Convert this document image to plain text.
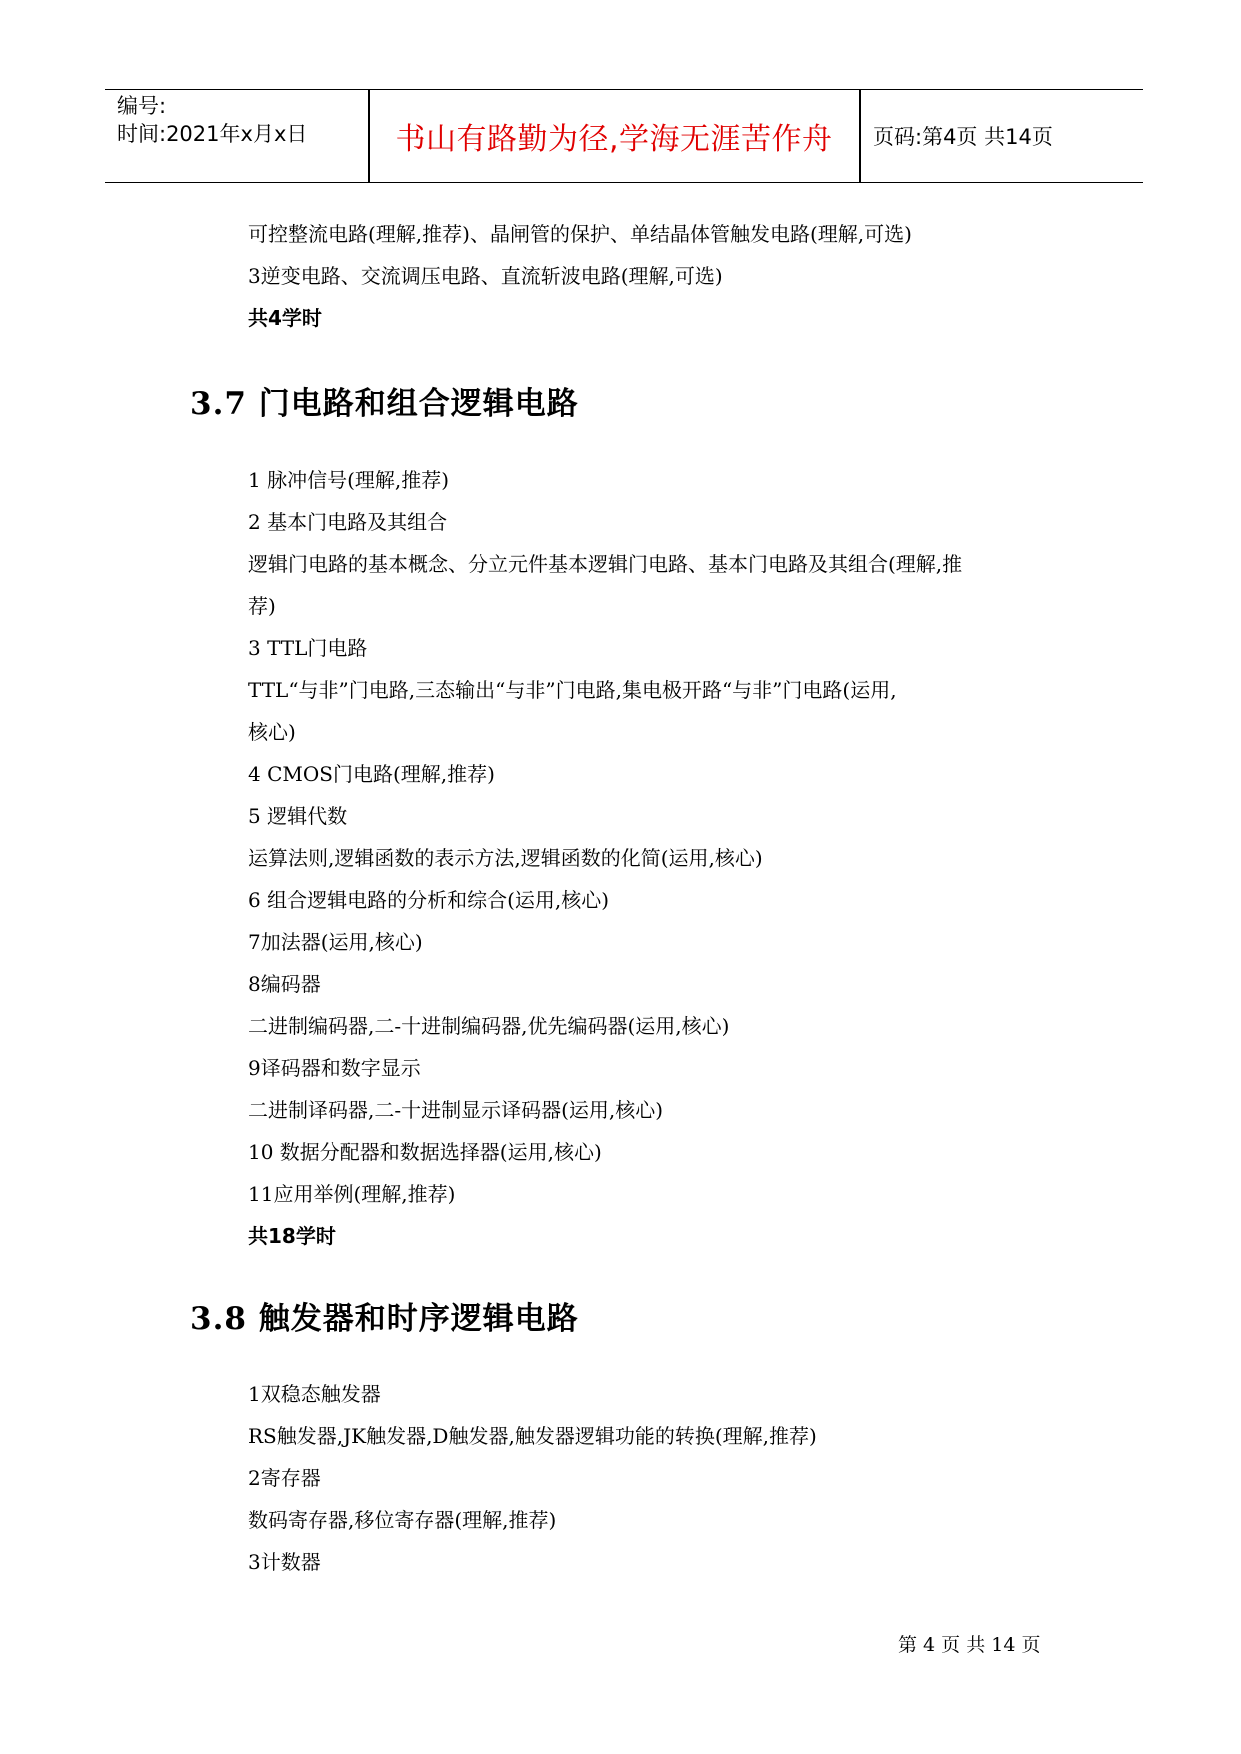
编号:
时间:2021年x月x日	书山有路勤为径,学海无涯苦作舟	页码:第4页 共14页
可控整流电路(理解,推荐)、晶闸管的保护、单结晶体管触发电路(理解,可选)
3逆变电路、交流调压电路、直流斩波电路(理解,可选)
共4学时
3.7 门电路和组合逻辑电路
1 脉冲信号(理解,推荐)
2 基本门电路及其组合
逻辑门电路的基本概念、分立元件基本逻辑门电路、基本门电路及其组合(理解,推
荐)
3 TTL门电路
TTL“与非”门电路,三态输出“与非”门电路,集电极开路“与非”门电路(运用,
核心)
4 CMOS门电路(理解,推荐)
5 逻辑代数
运算法则,逻辑函数的表示方法,逻辑函数的化简(运用,核心)
6 组合逻辑电路的分析和综合(运用,核心)
7加法器(运用,核心)
8编码器
二进制编码器,二-十进制编码器,优先编码器(运用,核心)
9译码器和数字显示
二进制译码器,二-十进制显示译码器(运用,核心)
10 数据分配器和数据选择器(运用,核心)
11应用举例(理解,推荐)
共18学时
3.8 触发器和时序逻辑电路
1双稳态触发器
RS触发器,JK触发器,D触发器,触发器逻辑功能的转换(理解,推荐)
2寄存器
数码寄存器,移位寄存器(理解,推荐)
3计数器
第 4 页 共 14 页
